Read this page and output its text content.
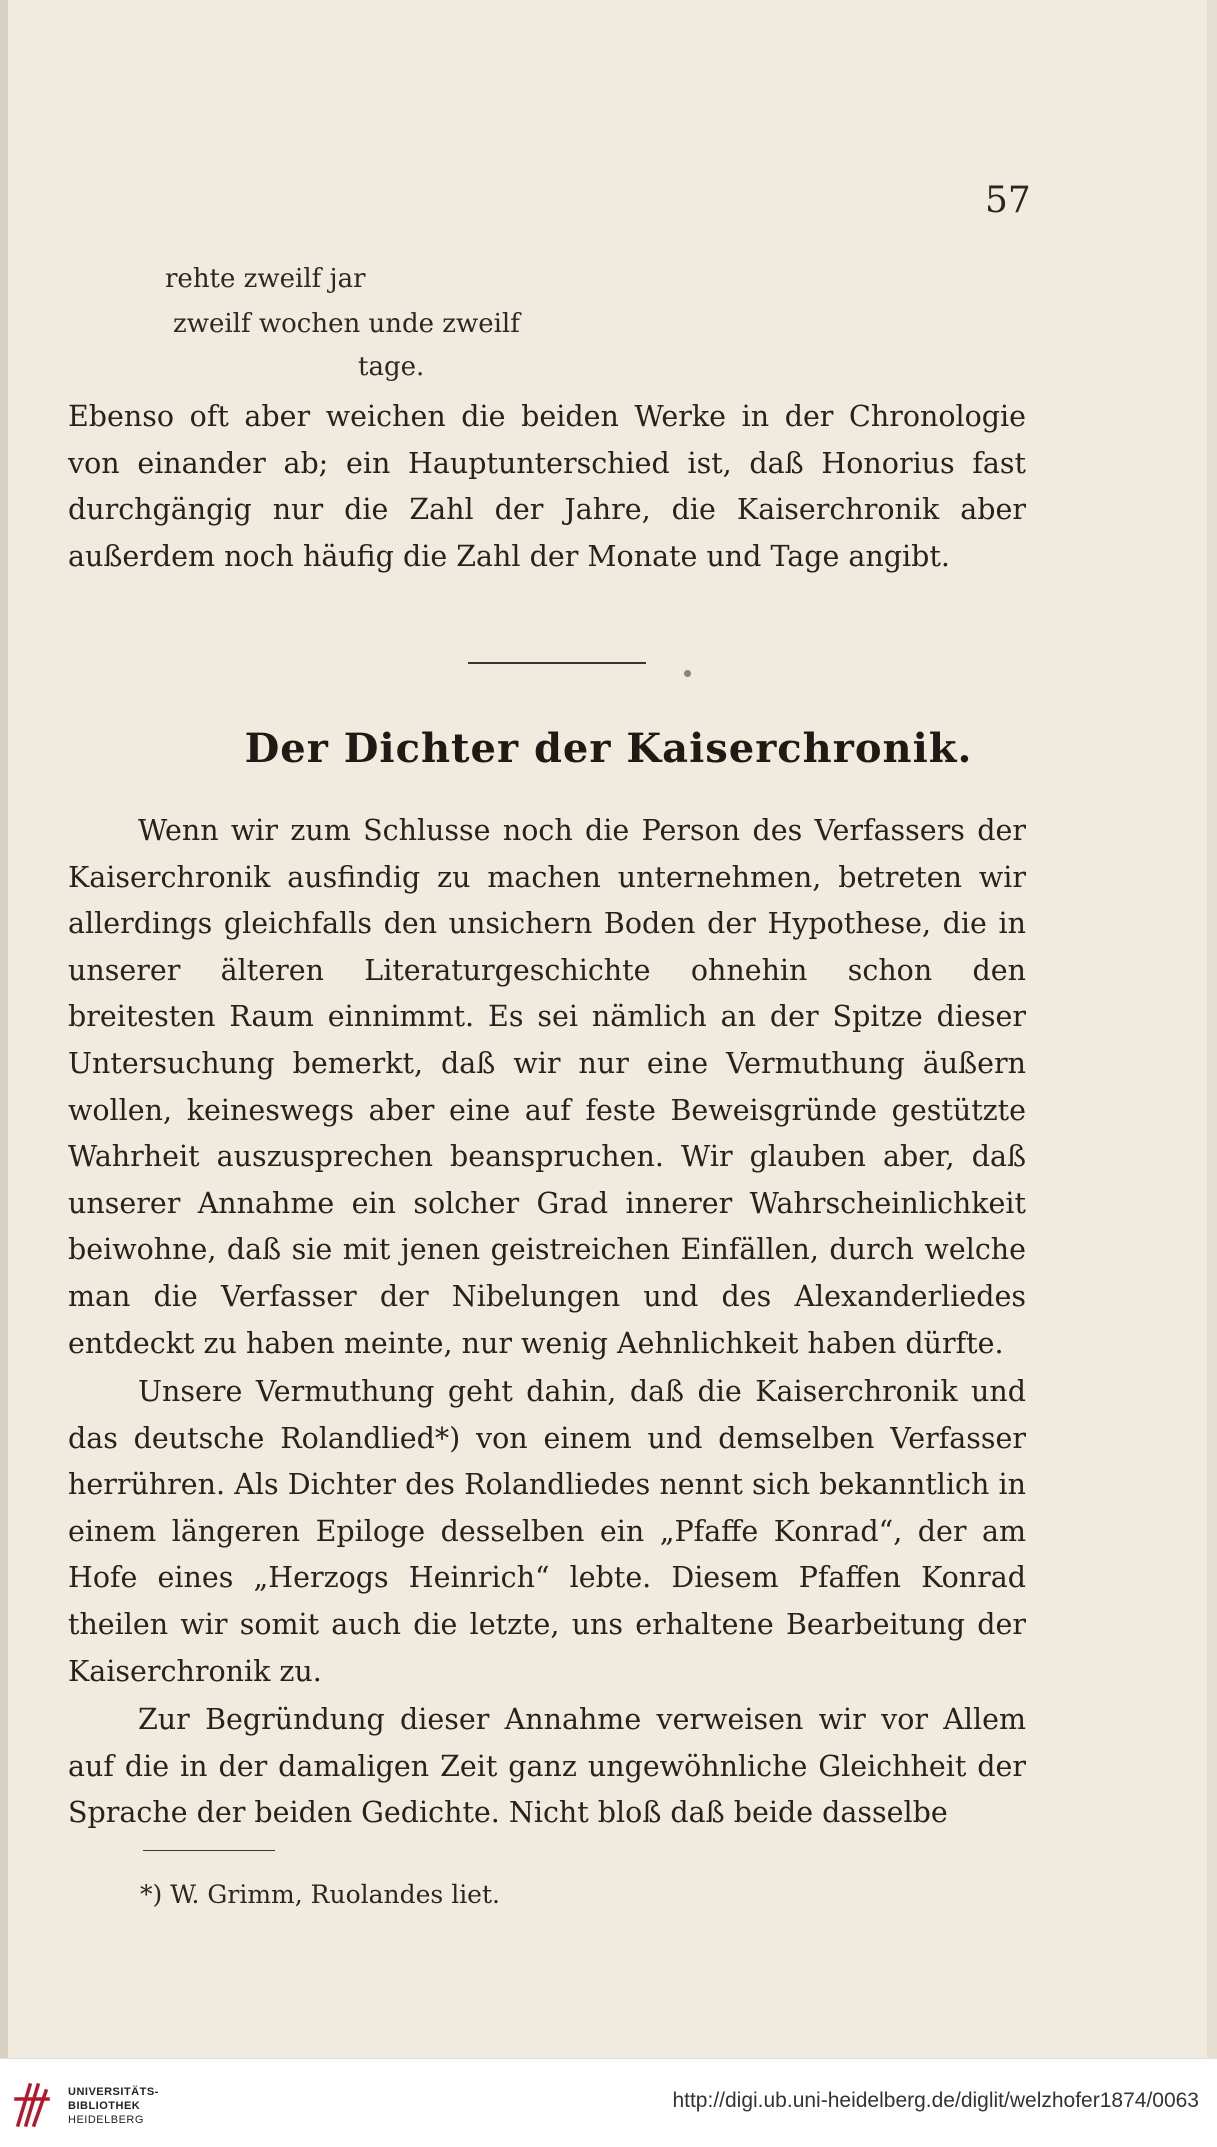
57
rehte zweilf jar
zweilf wochen unde zweilf
tage.

Ebenso oft aber weichen die beiden Werke in der Chronologie von einander ab; ein Hauptunterschied ist, daß Honorius fast durchgängig nur die Zahl der Jahre, die Kaiserchronik aber außerdem noch häufig die Zahl der Monate und Tage angibt.

Der Dichter der Kaiserchronik.

Wenn wir zum Schlusse noch die Person des Verfassers der Kaiserchronik ausfindig zu machen unternehmen, betreten wir allerdings gleichfalls den unsichern Boden der Hypothese, die in unserer älteren Literaturgeschichte ohnehin schon den breitesten Raum einnimmt. Es sei nämlich an der Spitze dieser Untersuchung bemerkt, daß wir nur eine Vermuthung äußern wollen, keineswegs aber eine auf feste Beweisgründe gestützte Wahrheit auszusprechen beanspruchen. Wir glauben aber, daß unserer Annahme ein solcher Grad innerer Wahrscheinlichkeit beiwohne, daß sie mit jenen geistreichen Einfällen, durch welche man die Verfasser der Nibelungen und des Alexanderliedes entdeckt zu haben meinte, nur wenig Aehnlichkeit haben dürfte.

Unsere Vermuthung geht dahin, daß die Kaiserchronik und das deutsche Rolandlied*) von einem und demselben Verfasser herrühren. Als Dichter des Rolandliedes nennt sich bekanntlich in einem längeren Epiloge desselben ein „Pfaffe Konrad“, der am Hofe eines „Herzogs Heinrich“ lebte. Diesem Pfaffen Konrad theilen wir somit auch die letzte, uns erhaltene Bearbeitung der Kaiserchronik zu.

Zur Begründung dieser Annahme verweisen wir vor Allem auf die in der damaligen Zeit ganz ungewöhnliche Gleichheit der Sprache der beiden Gedichte. Nicht bloß daß beide dasselbe

*) W. Grimm, Ruolandes liet.
UNIVERSITÄTS-
BIBLIOTHEK
HEIDELBERG
http://digi.ub.uni-heidelberg.de/diglit/welzhofer1874/0063
